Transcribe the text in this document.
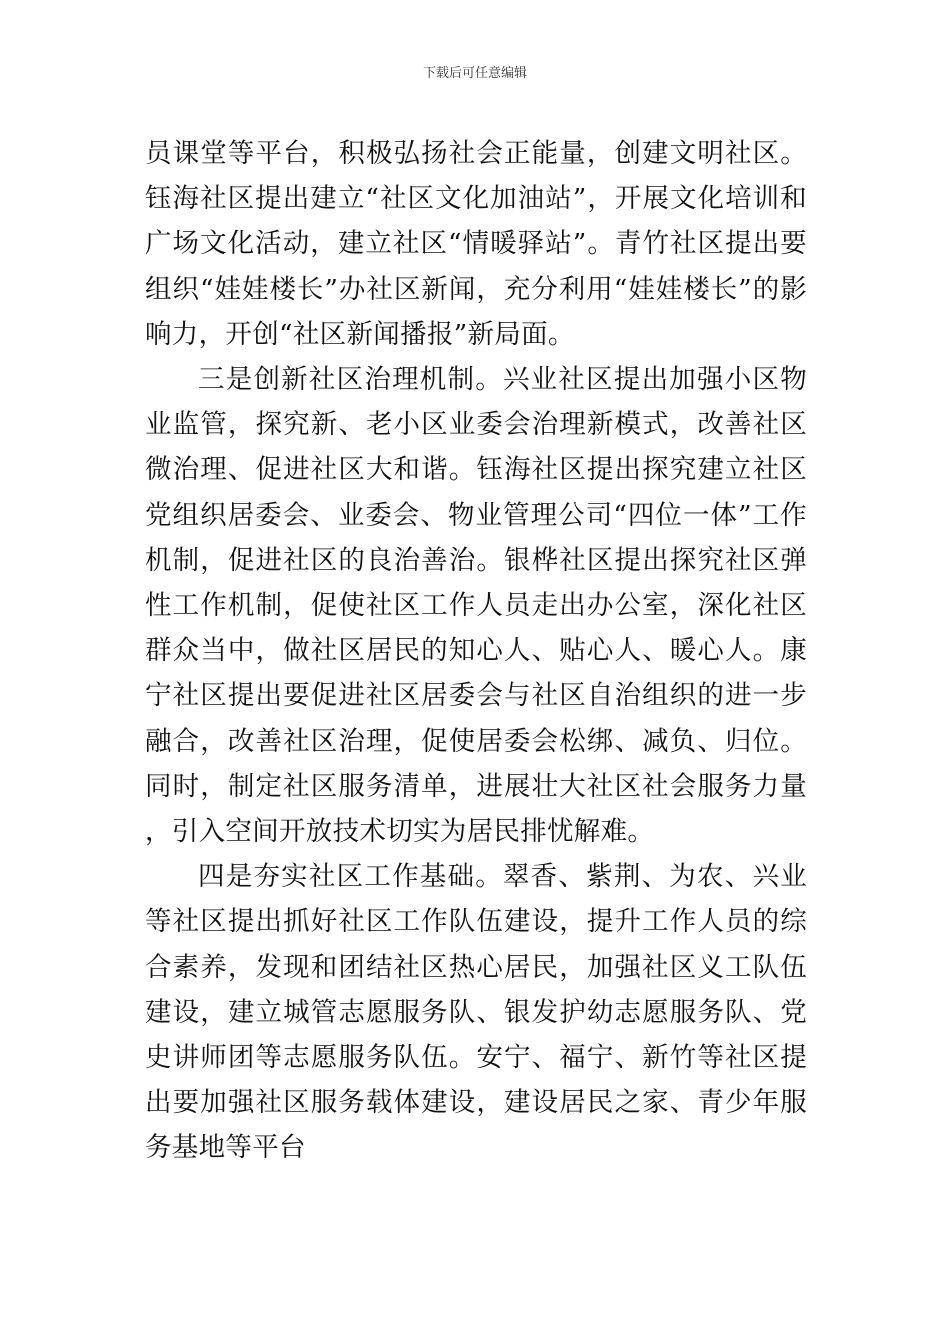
下载后可任意编辑

员课堂等平台，积极弘扬社会正能量，创建文明社区。钰海社区提出建立“社区文化加油站”，开展文化培训和广场文化活动，建立社区“情暖驿站”。青竹社区提出要组织“娃娃楼长”办社区新闻，充分利用“娃娃楼长”的影响力，开创“社区新闻播报”新局面。

三是创新社区治理机制。兴业社区提出加强小区物业监管，探究新、老小区业委会治理新模式，改善社区微治理、促进社区大和谐。钰海社区提出探究建立社区党组织居委会、业委会、物业管理公司“四位一体”工作机制，促进社区的良治善治。银桦社区提出探究社区弹性工作机制，促使社区工作人员走出办公室，深化社区群众当中，做社区居民的知心人、贴心人、暖心人。康宁社区提出要促进社区居委会与社区自治组织的进一步融合，改善社区治理，促使居委会松绑、减负、归位。同时，制定社区服务清单，进展壮大社区社会服务力量，引入空间开放技术切实为居民排忧解难。

四是夯实社区工作基础。翠香、紫荆、为农、兴业等社区提出抓好社区工作队伍建设，提升工作人员的综合素养，发现和团结社区热心居民，加强社区义工队伍建设，建立城管志愿服务队、银发护幼志愿服务队、党史讲师团等志愿服务队伍。安宁、福宁、新竹等社区提出要加强社区服务载体建设，建设居民之家、青少年服务基地等平台
